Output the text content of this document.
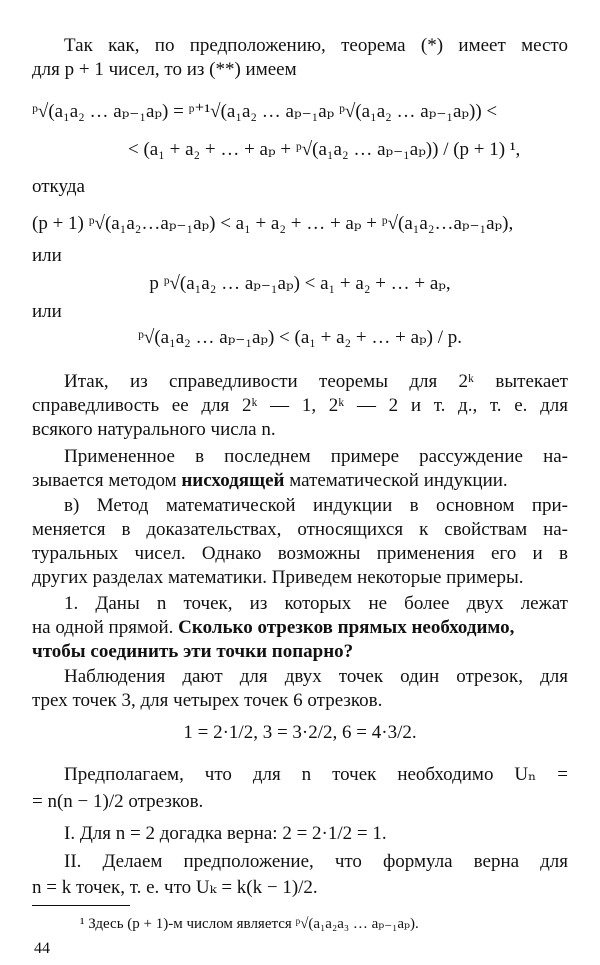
Так как, по предположению, теорема (*) имеет место

для p + 1 чисел, то из (**) имеем

ᵖ√(a₁a₂ … aₚ₋₁aₚ) = ᵖ⁺¹√(a₁a₂ … aₚ₋₁aₚ ᵖ√(a₁a₂ … aₚ₋₁aₚ)) <
< (a₁ + a₂ + … + aₚ + ᵖ√(a₁a₂ … aₚ₋₁aₚ)) / (p + 1) ¹,

откуда

(p + 1) ᵖ√(a₁a₂…aₚ₋₁aₚ) < a₁ + a₂ + … + aₚ + ᵖ√(a₁a₂…aₚ₋₁aₚ),

или

p ᵖ√(a₁a₂ … aₚ₋₁aₚ) < a₁ + a₂ + … + aₚ,

или

ᵖ√(a₁a₂ … aₚ₋₁aₚ) < (a₁ + a₂ + … + aₚ) / p.

Итак, из справедливости теоремы для 2ᵏ вытекает

справедливость ее для 2ᵏ — 1, 2ᵏ — 2 и т. д., т. е. для

всякого натурального числа n.

Примененное в последнем примере рассуждение на-

зывается методом нисходящей математической индукции.

в) Метод математической индукции в основном при-

меняется в доказательствах, относящихся к свойствам на-

туральных чисел. Однако возможны применения его и в

других разделах математики. Приведем некоторые примеры.

1. Даны n точек, из которых не более двух лежат

на одной прямой. Сколько отрезков прямых необходимо,

чтобы соединить эти точки попарно?

Наблюдения дают для двух точек один отрезок, для

трех точек 3, для четырех точек 6 отрезков.

1 = 2·1/2, 3 = 3·2/2, 6 = 4·3/2.

Предполагаем, что для n точек необходимо Uₙ =

= n(n − 1)/2 отрезков.

I. Для n = 2 догадка верна: 2 = 2·1/2 = 1.

¹ Здесь (p + 1)-м числом является ᵖ√(a₁a₂a₃ … aₚ₋₁aₚ).
44

II. Делаем предположение, что формула верна для

n = k точек, т. е. что Uₖ = k(k − 1)/2.
